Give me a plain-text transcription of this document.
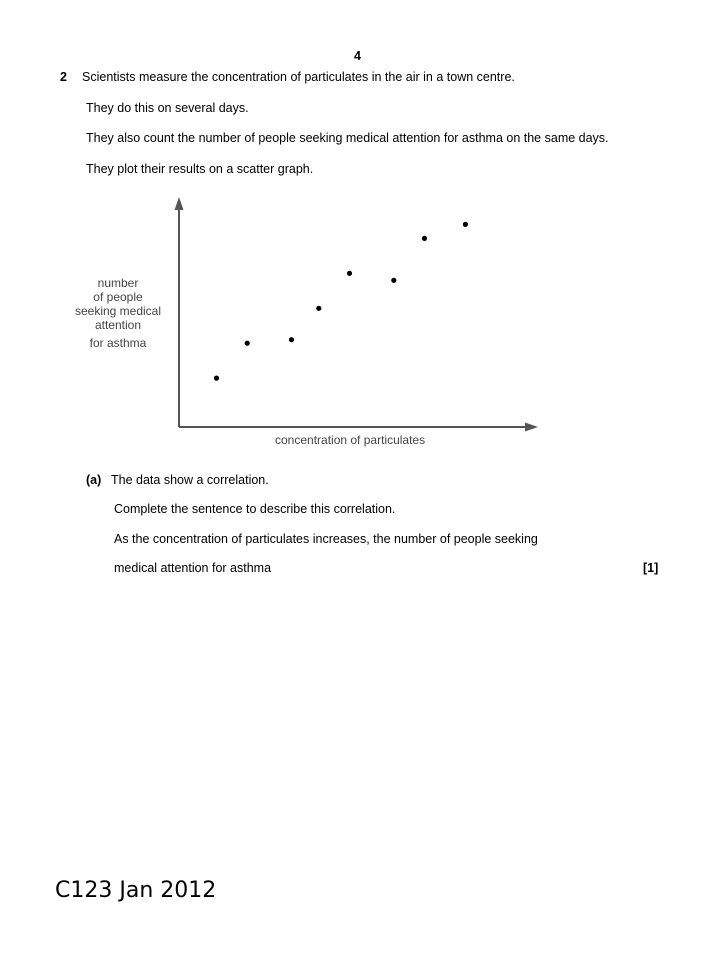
4
2 Scientists measure the concentration of particulates in the air in a town centre.
They do this on several days.
They also count the number of people seeking medical attention for asthma on the same days.
They plot their results on a scatter graph.
number
of people
seeking medical
attention
for asthma
concentration of particulates
(a) The data show a correlation.
Complete the sentence to describe this correlation.
As the concentration of particulates increases, the number of people seeking
medical attention for asthma	[1]
C123 Jan 2012
